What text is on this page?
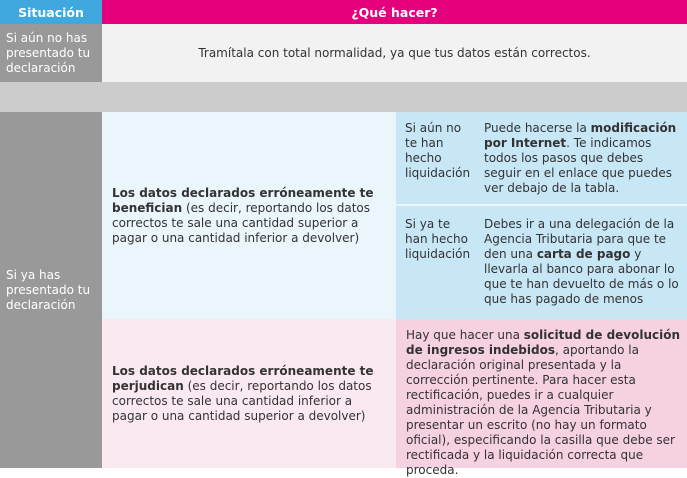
Situación	¿Qué hacer?
Si aún no has presentado tu declaración
Tramítala con total normalidad, ya que tus datos están correctos.
Si ya has presentado tu declaración
Los datos declarados erróneamente te benefician (es decir, reportando los datos correctos te sale una cantidad superior a pagar o una cantidad inferior a devolver)
Si aún no te han hecho liquidación
Puede hacerse la modificación por Internet. Te indicamos todos los pasos que debes seguir en el enlace que puedes ver debajo de la tabla.
Si ya te han hecho liquidación
Debes ir a una delegación de la Agencia Tributaria para que te den una carta de pago y llevarla al banco para abonar lo que te han devuelto de más o lo que has pagado de menos
Los datos declarados erróneamente te perjudican (es decir, reportando los datos correctos te sale una cantidad inferior a pagar o una cantidad superior a devolver)
Hay que hacer una solicitud de devolución de ingresos indebidos, aportando la declaración original presentada y la corrección pertinente. Para hacer esta rectificación, puedes ir a cualquier administración de la Agencia Tributaria y presentar un escrito (no hay un formato oficial), especificando la casilla que debe ser rectificada y la liquidación correcta que proceda.
